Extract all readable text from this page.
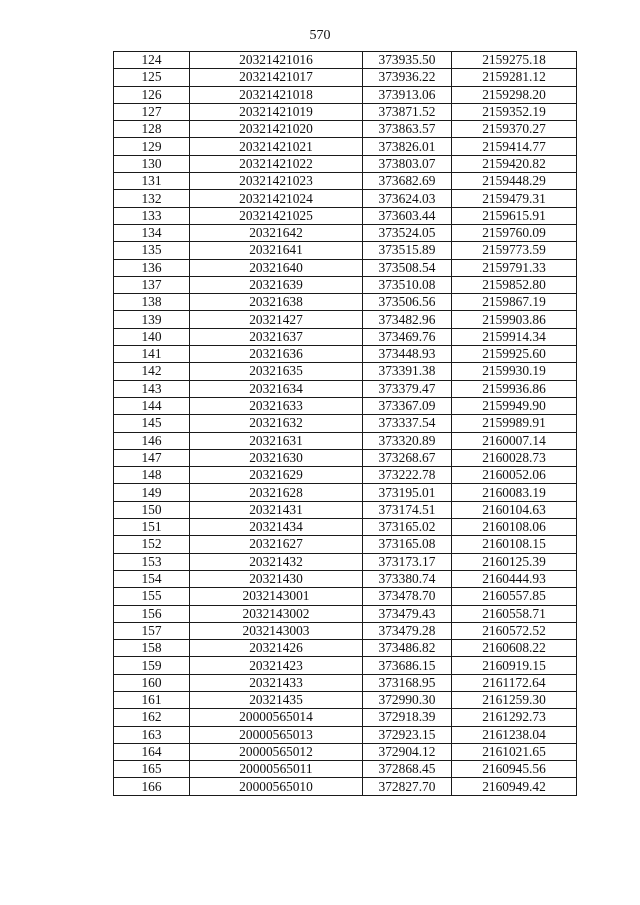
570
124	20321421016	373935.50	2159275.18
125	20321421017	373936.22	2159281.12
126	20321421018	373913.06	2159298.20
127	20321421019	373871.52	2159352.19
128	20321421020	373863.57	2159370.27
129	20321421021	373826.01	2159414.77
130	20321421022	373803.07	2159420.82
131	20321421023	373682.69	2159448.29
132	20321421024	373624.03	2159479.31
133	20321421025	373603.44	2159615.91
134	20321642	373524.05	2159760.09
135	20321641	373515.89	2159773.59
136	20321640	373508.54	2159791.33
137	20321639	373510.08	2159852.80
138	20321638	373506.56	2159867.19
139	20321427	373482.96	2159903.86
140	20321637	373469.76	2159914.34
141	20321636	373448.93	2159925.60
142	20321635	373391.38	2159930.19
143	20321634	373379.47	2159936.86
144	20321633	373367.09	2159949.90
145	20321632	373337.54	2159989.91
146	20321631	373320.89	2160007.14
147	20321630	373268.67	2160028.73
148	20321629	373222.78	2160052.06
149	20321628	373195.01	2160083.19
150	20321431	373174.51	2160104.63
151	20321434	373165.02	2160108.06
152	20321627	373165.08	2160108.15
153	20321432	373173.17	2160125.39
154	20321430	373380.74	2160444.93
155	2032143001	373478.70	2160557.85
156	2032143002	373479.43	2160558.71
157	2032143003	373479.28	2160572.52
158	20321426	373486.82	2160608.22
159	20321423	373686.15	2160919.15
160	20321433	373168.95	2161172.64
161	20321435	372990.30	2161259.30
162	20000565014	372918.39	2161292.73
163	20000565013	372923.15	2161238.04
164	20000565012	372904.12	2161021.65
165	20000565011	372868.45	2160945.56
166	20000565010	372827.70	2160949.42
